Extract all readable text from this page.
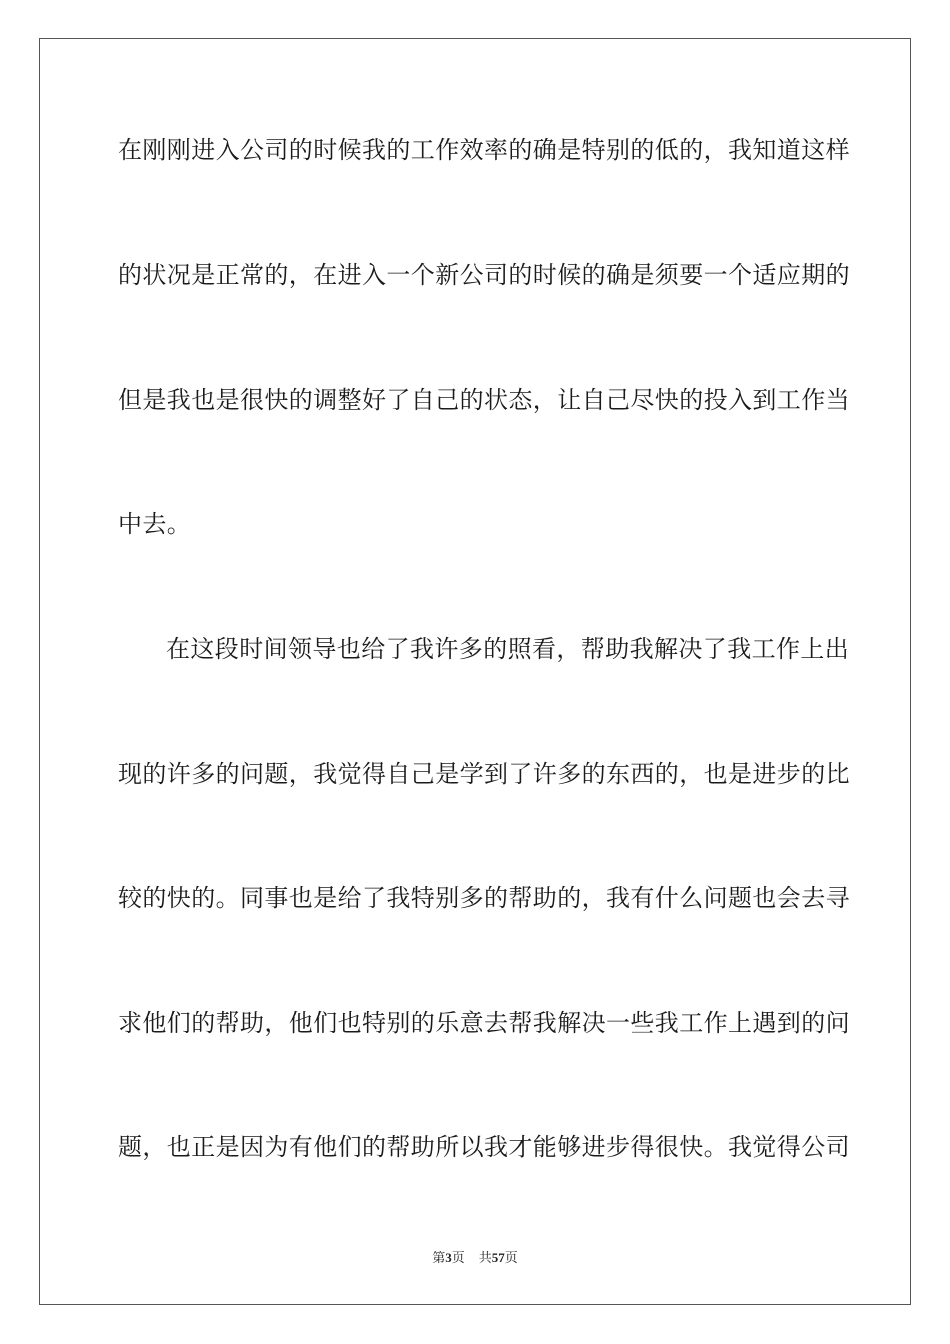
在刚刚进入公司的时候我的工作效率的确是特别的低的，我知道这样
的状况是正常的，在进入一个新公司的时候的确是须要一个适应期的
但是我也是很快的调整好了自己的状态，让自己尽快的投入到工作当
中去。
在这段时间领导也给了我许多的照看，帮助我解决了我工作上出
现的许多的问题，我觉得自己是学到了许多的东西的，也是进步的比
较的快的。同事也是给了我特别多的帮助的，我有什么问题也会去寻
求他们的帮助，他们也特别的乐意去帮我解决一些我工作上遇到的问
题，也正是因为有他们的帮助所以我才能够进步得很快。我觉得公司
第3页 共57页
